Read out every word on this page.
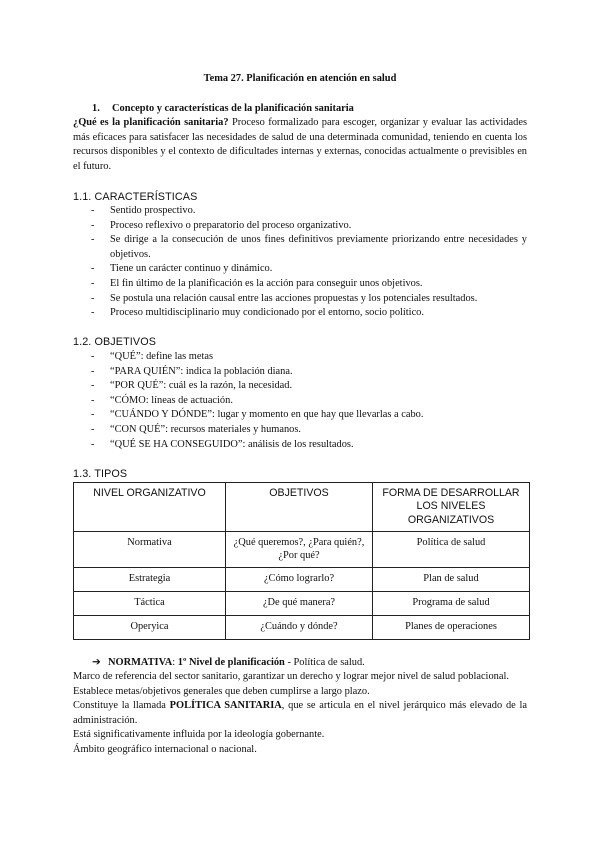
Tema 27. Planificación en atención en salud
1. Concepto y características de la planificación sanitaria
¿Qué es la planificación sanitaria? Proceso formalizado para escoger, organizar y evaluar las actividades más eficaces para satisfacer las necesidades de salud de una determinada comunidad, teniendo en cuenta los recursos disponibles y el contexto de dificultades internas y externas, conocidas actualmente o previsibles en el futuro.
1.1. CARACTERÍSTICAS
- Sentido prospectivo.
- Proceso reflexivo o preparatorio del proceso organizativo.
- Se dirige a la consecución de unos fines definitivos previamente priorizando entre necesidades y objetivos.
- Tiene un carácter continuo y dinámico.
- El fin último de la planificación es la acción para conseguir unos objetivos.
- Se postula una relación causal entre las acciones propuestas y los potenciales resultados.
- Proceso multidisciplinario muy condicionado por el entorno, socio político.
1.2. OBJETIVOS
- “QUÉ”: define las metas
- “PARA QUIÉN”: indica la población diana.
- “POR QUÉ”: cuál es la razón, la necesidad.
- “CÓMO: líneas de actuación.
- “CUÁNDO Y DÓNDE”: lugar y momento en que hay que llevarlas a cabo.
- “CON QUÉ”: recursos materiales y humanos.
- “QUÉ SE HA CONSEGUIDO”: análisis de los resultados.
1.3. TIPOS
NIVEL ORGANIZATIVO	OBJETIVOS	FORMA DE DESARROLLAR LOS NIVELES ORGANIZATIVOS
Normativa	¿Qué queremos?, ¿Para quién?, ¿Por qué?	Política de salud
Estrategia	¿Cómo lograrlo?	Plan de salud
Táctica	¿De qué manera?	Programa de salud
Operyica	¿Cuándo y dónde?	Planes de operaciones
➔ NORMATIVA: 1º Nivel de planificación - Política de salud.

Marco de referencia del sector sanitario, garantizar un derecho y lograr mejor nivel de salud poblacional.

Establece metas/objetivos generales que deben cumplirse a largo plazo.

Constituye la llamada POLÍTICA SANITARIA, que se articula en el nivel jerárquico más elevado de la administración.

Está significativamente influida por la ideología gobernante.

Ámbito geográfico internacional o nacional.
